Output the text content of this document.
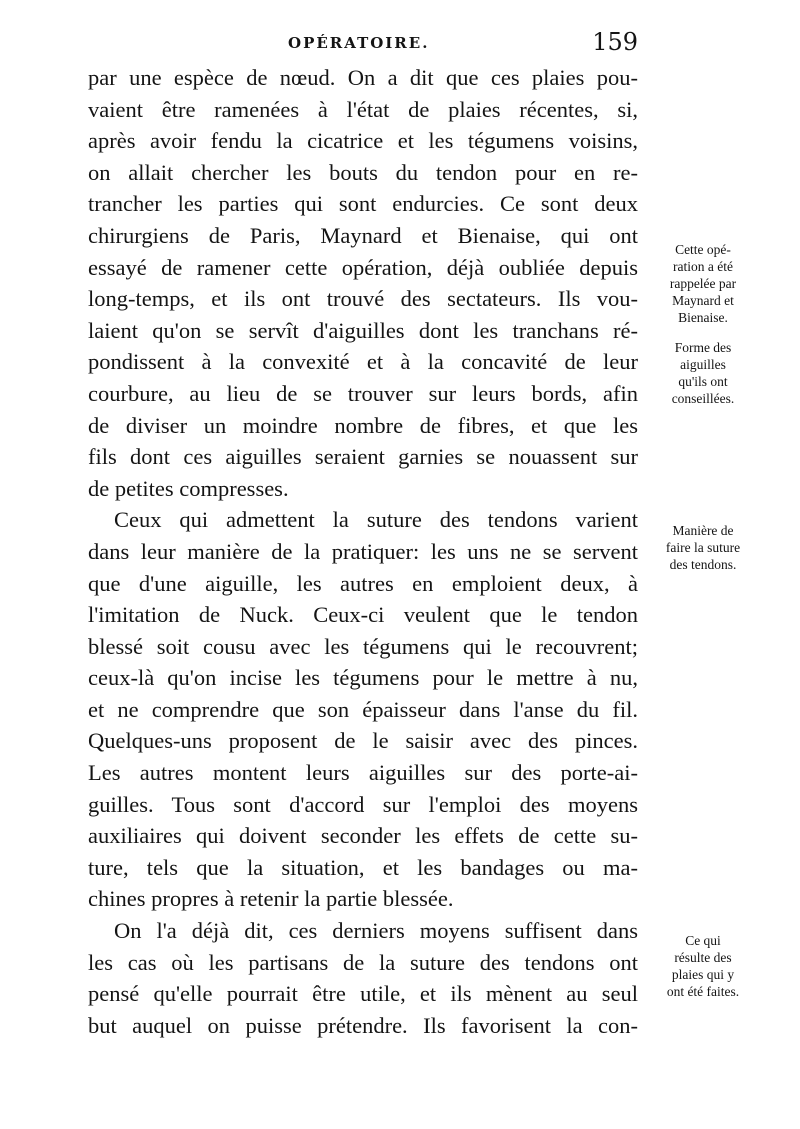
OPÉRATOIRE.	159
par une espèce de nœud. On a dit que ces plaies pou-
vaient être ramenées à l'état de plaies récentes, si,
après avoir fendu la cicatrice et les tégumens voisins,
on allait chercher les bouts du tendon pour en re-
trancher les parties qui sont endurcies. Ce sont deux
chirurgiens de Paris, Maynard et Bienaise, qui ont
essayé de ramener cette opération, déjà oubliée depuis
long-temps, et ils ont trouvé des sectateurs. Ils vou-
laient qu'on se servît d'aiguilles dont les tranchans ré-
pondissent à la convexité et à la concavité de leur
courbure, au lieu de se trouver sur leurs bords, afin
de diviser un moindre nombre de fibres, et que les
fils dont ces aiguilles seraient garnies se nouassent sur
de petites compresses.
Ceux qui admettent la suture des tendons varient
dans leur manière de la pratiquer: les uns ne se servent
que d'une aiguille, les autres en emploient deux, à
l'imitation de Nuck. Ceux-ci veulent que le tendon
blessé soit cousu avec les tégumens qui le recouvrent;
ceux-là qu'on incise les tégumens pour le mettre à nu,
et ne comprendre que son épaisseur dans l'anse du fil.
Quelques-uns proposent de le saisir avec des pinces.
Les autres montent leurs aiguilles sur des porte-ai-
guilles. Tous sont d'accord sur l'emploi des moyens
auxiliaires qui doivent seconder les effets de cette su-
ture, tels que la situation, et les bandages ou ma-
chines propres à retenir la partie blessée.
On l'a déjà dit, ces derniers moyens suffisent dans
les cas où les partisans de la suture des tendons ont
pensé qu'elle pourrait être utile, et ils mènent au seul
but auquel on puisse prétendre. Ils favorisent la con-
Cette opé-
ration a été
rappelée par
Maynard et
Bienaise.
Forme des
aiguilles
qu'ils ont
conseillées.
Manière de
faire la suture
des tendons.
Ce qui
résulte des
plaies qui y
ont été faites.
